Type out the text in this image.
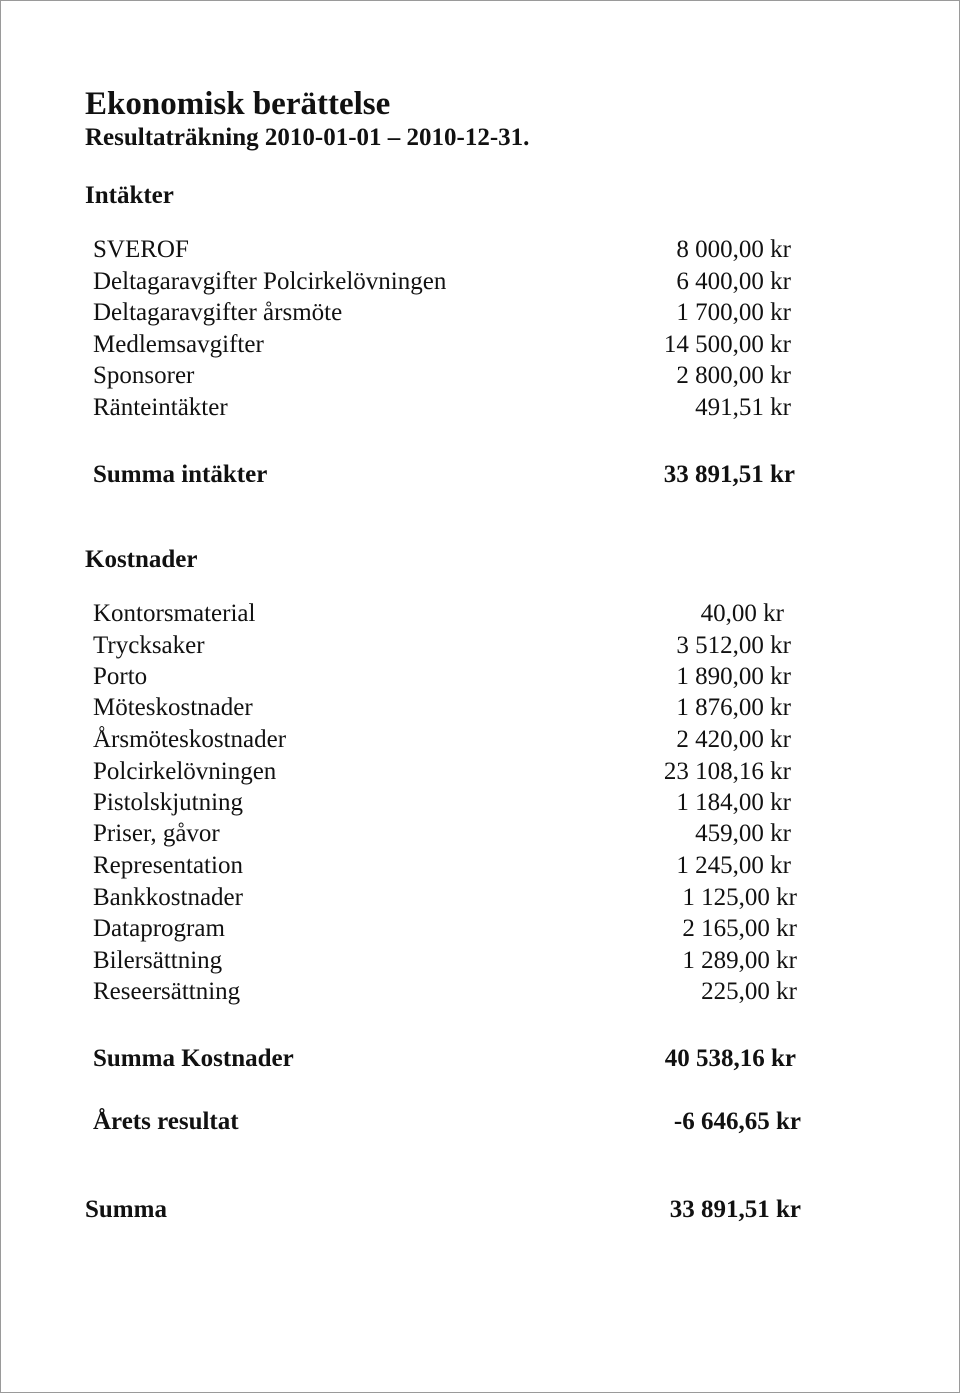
Ekonomisk berättelse
Resultaträkning 2010-01-01 – 2010-12-31.
Intäkter
SVEROF	8 000,00 kr
Deltagaravgifter Polcirkelövningen	6 400,00 kr
Deltagaravgifter årsmöte	1 700,00 kr
Medlemsavgifter	14 500,00 kr
Sponsorer	2 800,00 kr
Ränteintäkter	491,51 kr
Summa intäkter	33 891,51 kr
Kostnader
Kontorsmaterial	40,00 kr
Trycksaker	3 512,00 kr
Porto	1 890,00 kr
Möteskostnader	1 876,00 kr
Årsmöteskostnader	2 420,00 kr
Polcirkelövningen	23 108,16 kr
Pistolskjutning	1 184,00 kr
Priser, gåvor	459,00 kr
Representation	1 245,00 kr
Bankkostnader	1 125,00 kr
Dataprogram	2 165,00 kr
Bilersättning	1 289,00 kr
Reseersättning	225,00 kr
Summa Kostnader	40 538,16 kr
Årets resultat	-6 646,65 kr
Summa	33 891,51 kr
